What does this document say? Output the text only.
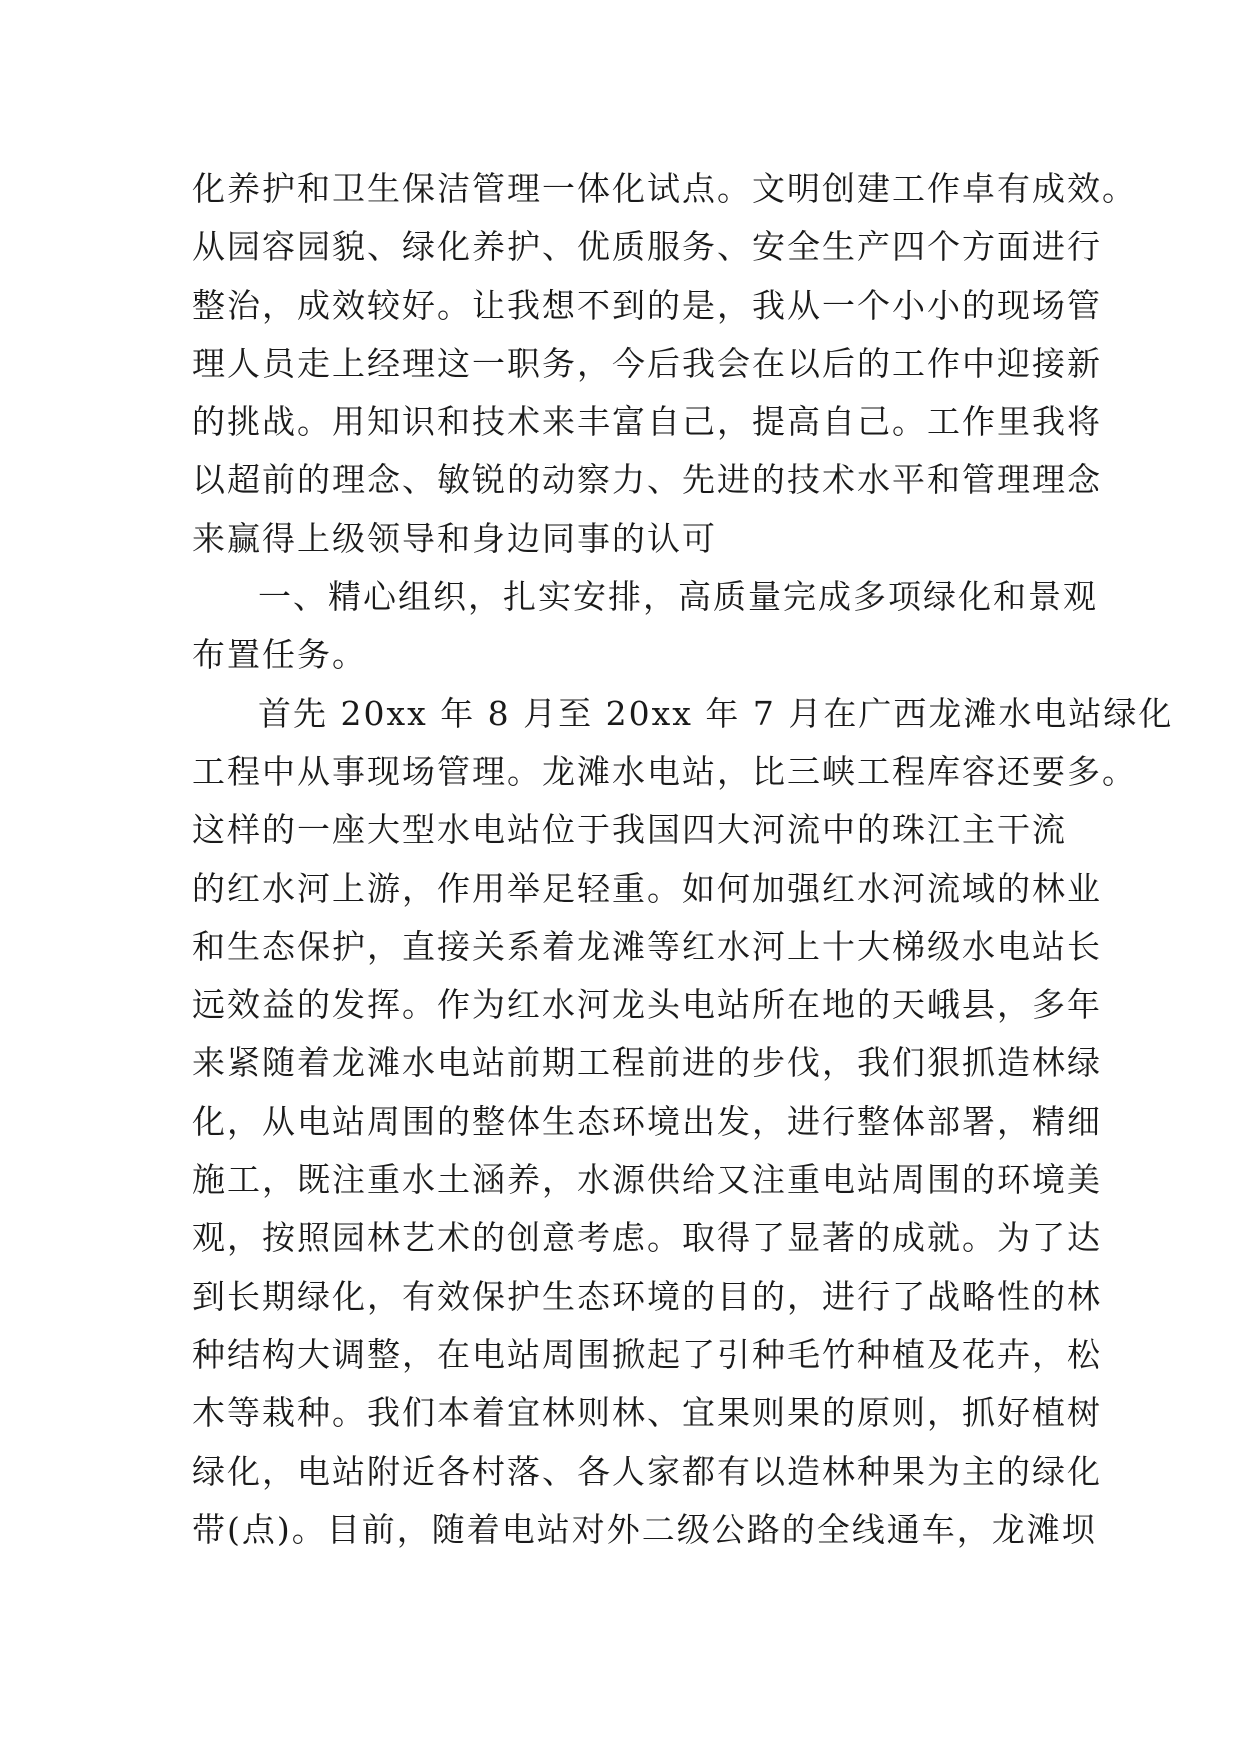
化养护和卫生保洁管理一体化试点。文明创建工作卓有成效。
从园容园貌、绿化养护、优质服务、安全生产四个方面进行
整治，成效较好。让我想不到的是，我从一个小小的现场管
理人员走上经理这一职务，今后我会在以后的工作中迎接新
的挑战。用知识和技术来丰富自己，提高自己。工作里我将
以超前的理念、敏锐的动察力、先进的技术水平和管理理念
来赢得上级领导和身边同事的认可
一、精心组织，扎实安排，高质量完成多项绿化和景观
布置任务。
首先 20xx 年 8 月至 20xx 年 7 月在广西龙滩水电站绿化
工程中从事现场管理。龙滩水电站，比三峡工程库容还要多。
这样的一座大型水电站位于我国四大河流中的珠江主干流
的红水河上游，作用举足轻重。如何加强红水河流域的林业
和生态保护，直接关系着龙滩等红水河上十大梯级水电站长
远效益的发挥。作为红水河龙头电站所在地的天峨县，多年
来紧随着龙滩水电站前期工程前进的步伐，我们狠抓造林绿
化，从电站周围的整体生态环境出发，进行整体部署，精细
施工，既注重水土涵养，水源供给又注重电站周围的环境美
观，按照园林艺术的创意考虑。取得了显著的成就。为了达
到长期绿化，有效保护生态环境的目的，进行了战略性的林
种结构大调整，在电站周围掀起了引种毛竹种植及花卉，松
木等栽种。我们本着宜林则林、宜果则果的原则，抓好植树
绿化，电站附近各村落、各人家都有以造林种果为主的绿化
带(点)。目前，随着电站对外二级公路的全线通车，龙滩坝
